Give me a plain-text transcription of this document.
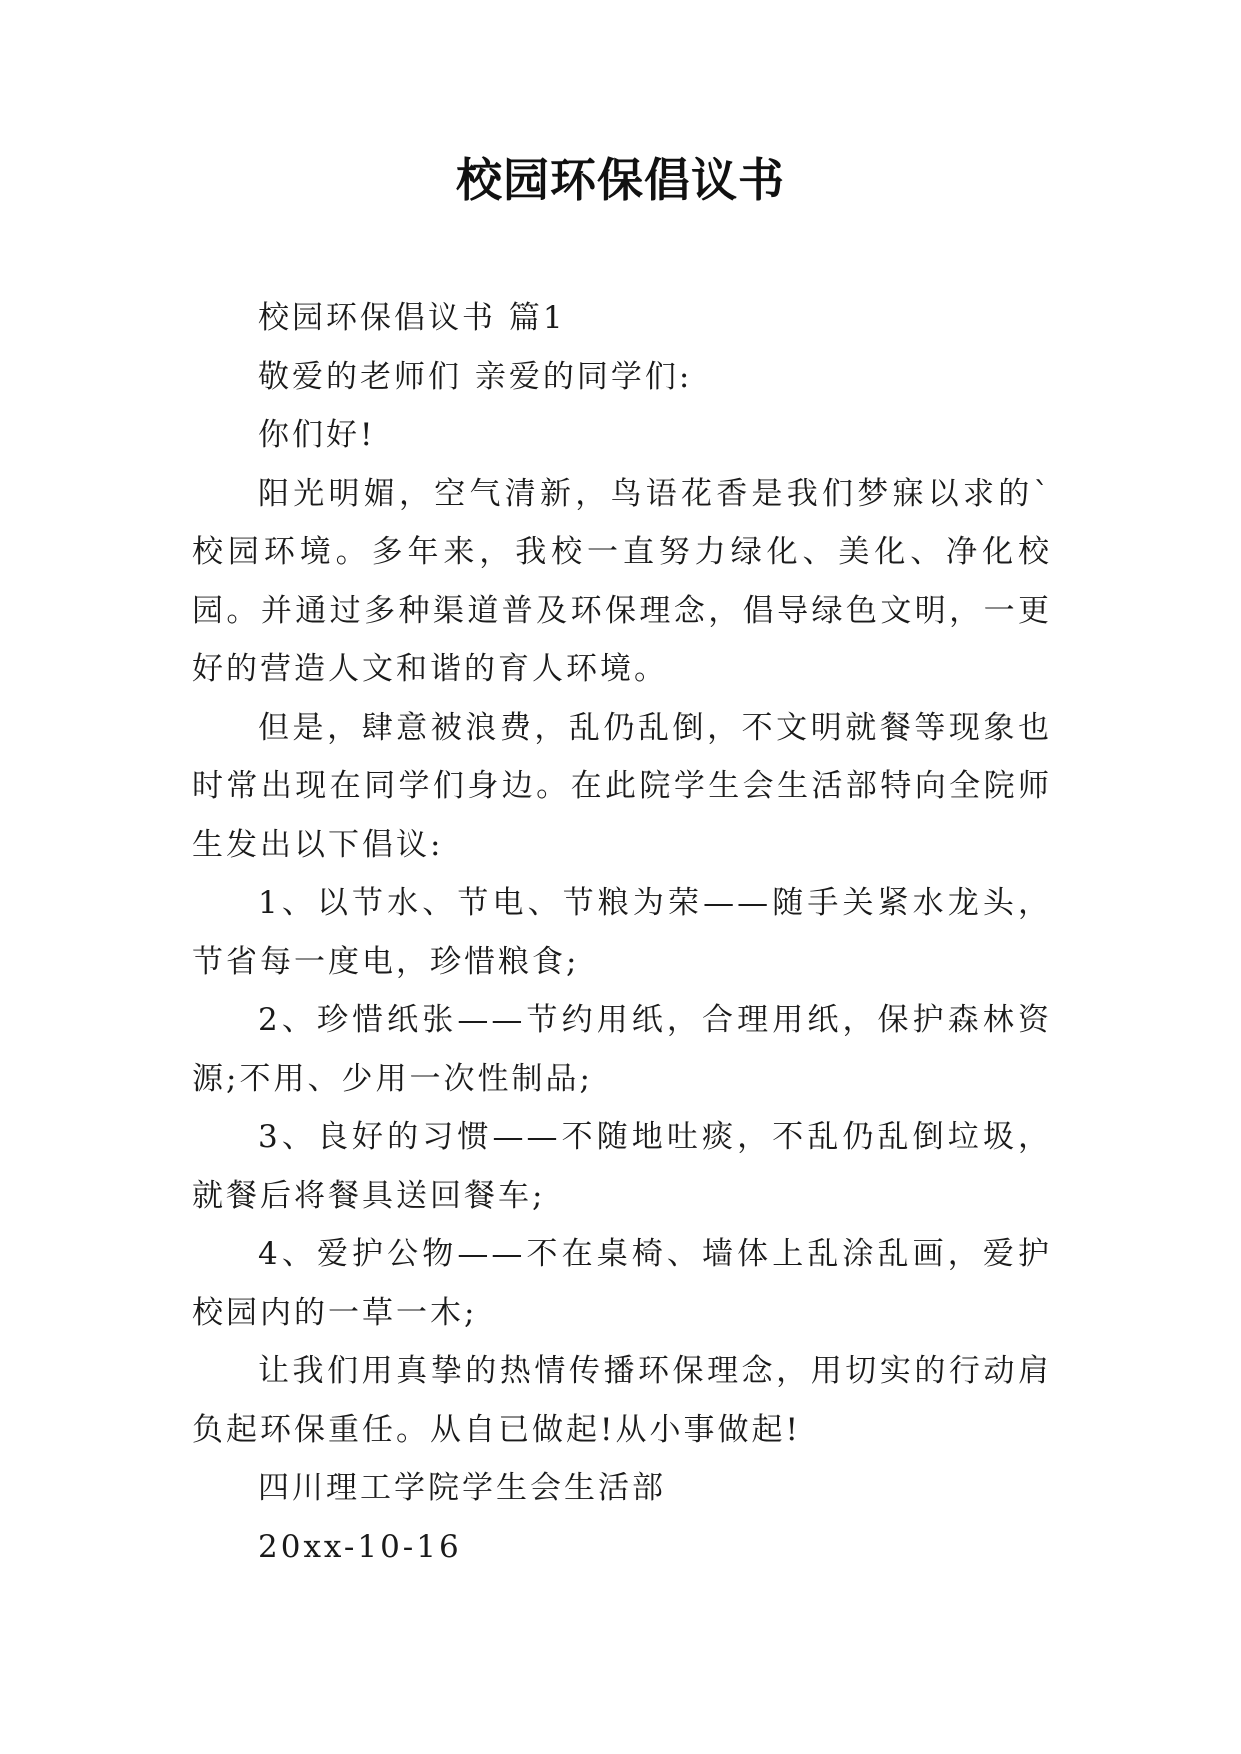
校园环保倡议书

校园环保倡议书 篇1

敬爱的老师们 亲爱的同学们:

你们好!

阳光明媚，空气清新，鸟语花香是我们梦寐以求的`校园环境。多年来，我校一直努力绿化、美化、净化校园。并通过多种渠道普及环保理念，倡导绿色文明，一更好的营造人文和谐的育人环境。

但是，肆意被浪费，乱仍乱倒，不文明就餐等现象也时常出现在同学们身边。在此院学生会生活部特向全院师生发出以下倡议:

1、以节水、节电、节粮为荣——随手关紧水龙头，节省每一度电，珍惜粮食;

2、珍惜纸张——节约用纸，合理用纸，保护森林资源;不用、少用一次性制品;

3、良好的习惯——不随地吐痰，不乱仍乱倒垃圾，就餐后将餐具送回餐车;

4、爱护公物——不在桌椅、墙体上乱涂乱画，爱护校园内的一草一木;

让我们用真挚的热情传播环保理念，用切实的行动肩负起环保重任。从自已做起!从小事做起!

四川理工学院学生会生活部

20xx-10-16
